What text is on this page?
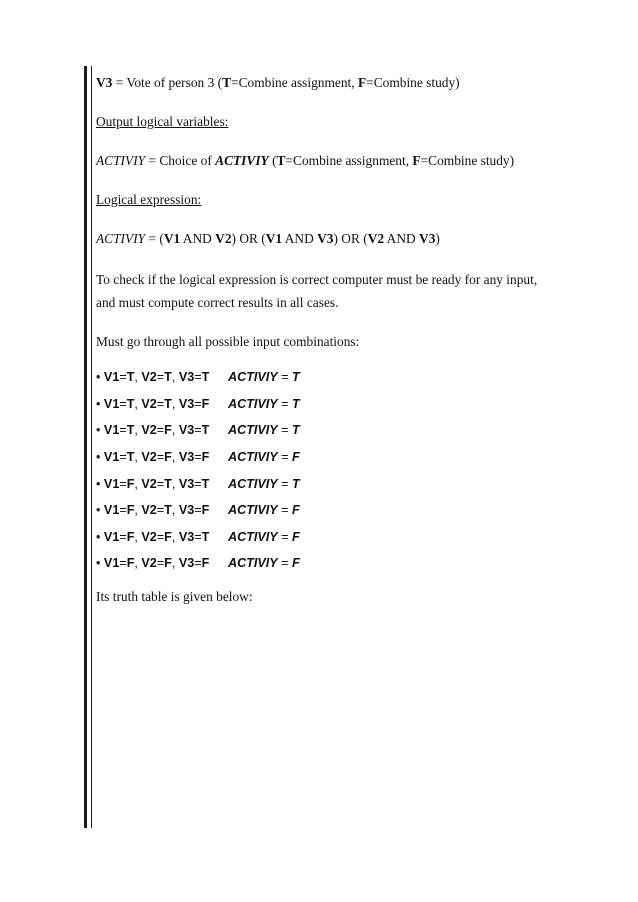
V3 = Vote of person 3 (T=Combine assignment, F=Combine study)

Output logical variables:

ACTIVIY = Choice of ACTIVIY (T=Combine assignment, F=Combine study)

Logical expression:

ACTIVIY = (V1 AND V2) OR (V1 AND V3) OR (V2 AND V3)

To check if the logical expression is correct computer must be ready for any input,
and must compute correct results in all cases.

Must go through all possible input combinations:

• V1=T, V2=T, V3=T	ACTIVIY = T
• V1=T, V2=T, V3=F	ACTIVIY = T
• V1=T, V2=F, V3=T	ACTIVIY = T
• V1=T, V2=F, V3=F	ACTIVIY = F
• V1=F, V2=T, V3=T	ACTIVIY = T
• V1=F, V2=T, V3=F	ACTIVIY = F
• V1=F, V2=F, V3=T	ACTIVIY = F
• V1=F, V2=F, V3=F	ACTIVIY = F

Its truth table is given below:
